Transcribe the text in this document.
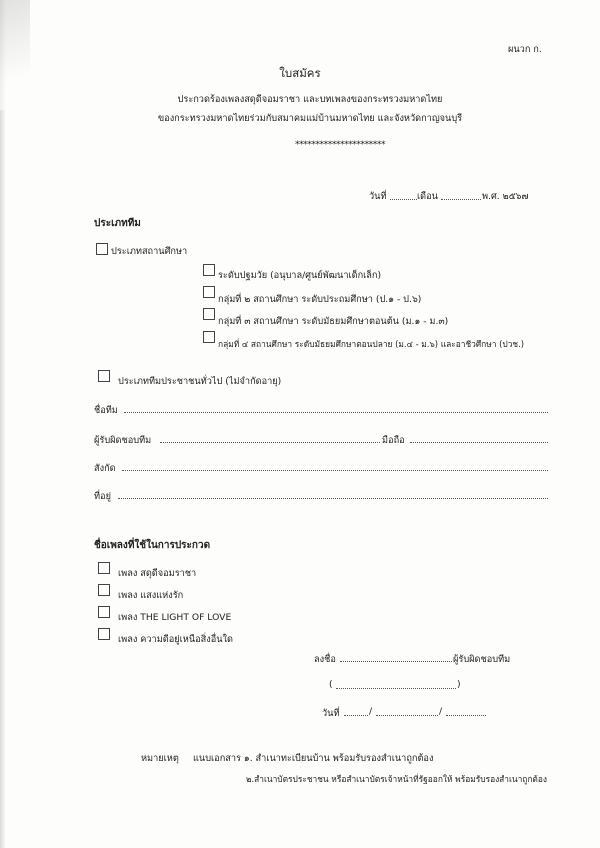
ผนวก ก.
ใบสมัคร
ประกวดร้องเพลงสดุดีจอมราชา และบทเพลงของกระทรวงมหาดไทย
ของกระทรวงมหาดไทยร่วมกับสมาคมแม่บ้านมหาดไทย และจังหวัดกาญจนบุรี
**********************
วันที่	เดือน	พ.ศ. ๒๕๖๗
ประเภททีม
ประเภทสถานศึกษา
ระดับปฐมวัย (อนุบาล/ศูนย์พัฒนาเด็กเล็ก)
กลุ่มที่ ๒ สถานศึกษา ระดับประถมศึกษา (ป.๑ - ป.๖)
กลุ่มที่ ๓ สถานศึกษา ระดับมัธยมศึกษาตอนต้น (ม.๑ - ม.๓)
กลุ่มที่ ๔ สถานศึกษา ระดับมัธยมศึกษาตอนปลาย (ม.๔ - ม.๖) และอาชีวศึกษา (ปวช.)
ประเภททีมประชาชนทั่วไป (ไม่จำกัดอายุ)
ชื่อทีม
ผู้รับผิดชอบทีม	มือถือ
สังกัด
ที่อยู่
ชื่อเพลงที่ใช้ในการประกวด
เพลง สดุดีจอมราชา
เพลง แสงแห่งรัก
เพลง THE LIGHT OF LOVE
เพลง ความดีอยู่เหนือสิ่งอื่นใด
ลงชื่อ	ผู้รับผิดชอบทีม
(	)
วันที่	/	/
หมายเหตุ แนบเอกสาร ๑. สำเนาทะเบียนบ้าน พร้อมรับรองสำเนาถูกต้อง
๒.สำเนาบัตรประชาชน หรือสำเนาบัตรเจ้าหน้าที่รัฐออกให้ พร้อมรับรองสำเนาถูกต้อง
